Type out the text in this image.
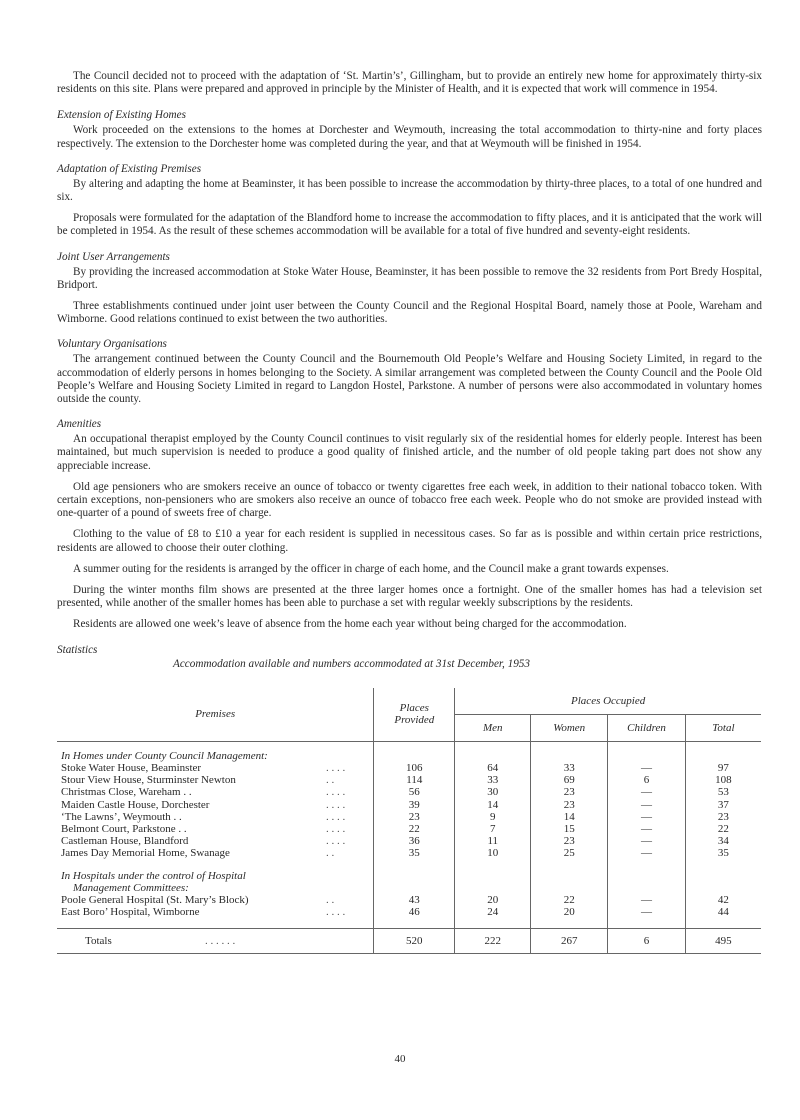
The Council decided not to proceed with the adaptation of ‘St. Martin’s’, Gillingham, but to provide an entirely new home for approximately thirty-six residents on this site. Plans were prepared and approved in principle by the Minister of Health, and it is expected that work will commence in 1954.

Extension of Existing Homes

Work proceeded on the extensions to the homes at Dorchester and Weymouth, increasing the total accommodation to thirty-nine and forty places respectively. The extension to the Dorchester home was completed during the year, and that at Weymouth will be finished in 1954.

Adaptation of Existing Premises

By altering and adapting the home at Beaminster, it has been possible to increase the accommodation by thirty-three places, to a total of one hundred and six.

Proposals were formulated for the adaptation of the Blandford home to increase the accommodation to fifty places, and it is anticipated that the work will be completed in 1954. As the result of these schemes accommodation will be available for a total of five hundred and seventy-eight residents.

Joint User Arrangements

By providing the increased accommodation at Stoke Water House, Beaminster, it has been possible to remove the 32 residents from Port Bredy Hospital, Bridport.

Three establishments continued under joint user between the County Council and the Regional Hospital Board, namely those at Poole, Wareham and Wimborne. Good relations continued to exist between the two authorities.

Voluntary Organisations

The arrangement continued between the County Council and the Bournemouth Old People’s Welfare and Housing Society Limited, in regard to the accommodation of elderly persons in homes belonging to the Society. A similar arrangement was completed between the County Council and the Poole Old People’s Welfare and Housing Society Limited in regard to Langdon Hostel, Parkstone. A number of persons were also accommodated in voluntary homes outside the county.

Amenities

An occupational therapist employed by the County Council continues to visit regularly six of the residential homes for elderly people. Interest has been maintained, but much supervision is needed to produce a good quality of finished article, and the number of old people taking part does not show any appreciable increase.

Old age pensioners who are smokers receive an ounce of tobacco or twenty cigarettes free each week, in addition to their national tobacco token. With certain exceptions, non-pensioners who are smokers also receive an ounce of tobacco free each week. People who do not smoke are provided instead with one-quarter of a pound of sweets free of charge.

Clothing to the value of £8 to £10 a year for each resident is supplied in necessitous cases. So far as is possible and within certain price restrictions, residents are allowed to choose their outer clothing.

A summer outing for the residents is arranged by the officer in charge of each home, and the Council make a grant towards expenses.

During the winter months film shows are presented at the three larger homes once a fortnight. One of the smaller homes has had a television set presented, while another of the smaller homes has been able to purchase a set with regular weekly subscriptions by the residents.

Residents are allowed one week’s leave of absence from the home each year without being charged for the accommodation.

Statistics
Accommodation available and numbers accommodated at 31st December, 1953
Premises	Places Provided	Places Occupied			
		Men	Women	Children	Total

In Homes under County Council Management:					
Stoke Water House, Beaminster . . . .	106	64	33	—	97
Stour View House, Sturminster Newton . .	114	33	69	6	108
Christmas Close, Wareham . . . . . .	56	30	23	—	53
Maiden Castle House, Dorchester . . . .	39	14	23	—	37
‘The Lawns’, Weymouth . . . . . .	23	9	14	—	23
Belmont Court, Parkstone . . . . . .	22	7	15	—	22
Castleman House, Blandford . . . .	36	11	23	—	34
James Day Memorial Home, Swanage . .	35	10	25	—	35

In Hospitals under the control of Hospital					
Management Committees:					
Poole General Hospital (St. Mary’s Block) . .	43	20	22	—	42
East Boro’ Hospital, Wimborne . . . .	46	24	20	—	44

Totals . . . . . .	520	222	267	6	495
40
